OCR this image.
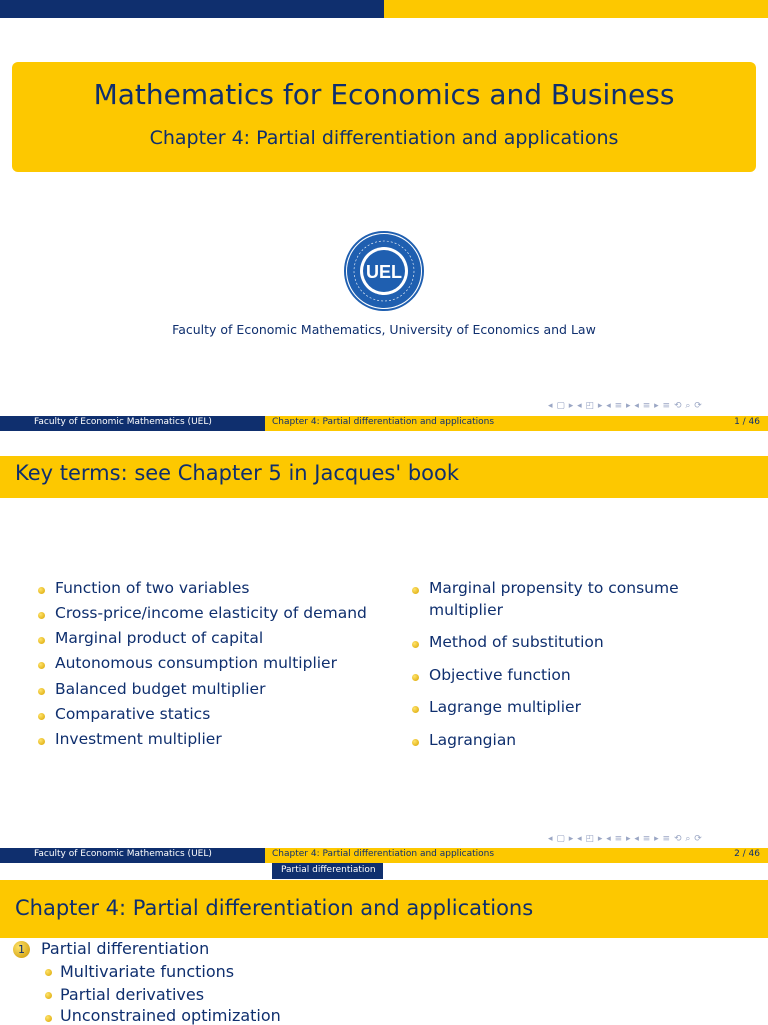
Mathematics for Economics and Business
Chapter 4: Partial differentiation and applications
UEL
Faculty of Economic Mathematics, University of Economics and Law
◂ ▢ ▸ ◂ ◰ ▸ ◂ ≡ ▸ ◂ ≡ ▸ ≡ ⟲ ⌕ ⟳
Faculty of Economic Mathematics (UEL)	Chapter 4: Partial differentiation and applications	1 / 46
Key terms: see Chapter 5 in Jacques' book
Function of two variables
Cross-price/income elasticity of demand
Marginal product of capital
Autonomous consumption multiplier
Balanced budget multiplier
Comparative statics
Investment multiplier
Marginal propensity to consume
multiplier
Method of substitution
Objective function
Lagrange multiplier
Lagrangian
◂ ▢ ▸ ◂ ◰ ▸ ◂ ≡ ▸ ◂ ≡ ▸ ≡ ⟲ ⌕ ⟳
Faculty of Economic Mathematics (UEL)	Chapter 4: Partial differentiation and applications	2 / 46
Partial differentiation
Chapter 4: Partial differentiation and applications
1	Partial differentiation
Multivariate functions
Partial derivatives
Unconstrained optimization
